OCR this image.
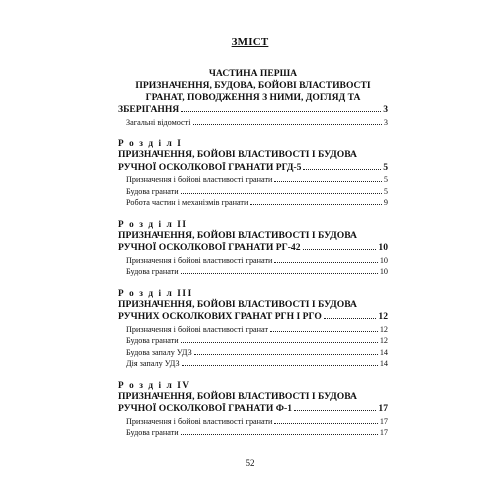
ЗМІСТ
ЧАСТИНА ПЕРША
ПРИЗНАЧЕННЯ, БУДОВА, БОЙОВІ ВЛАСТИВОСТІ
ГРАНАТ, ПОВОДЖЕННЯ З НИМИ, ДОГЛЯД ТА
ЗБЕРІГАННЯ	3
Загальні відомості	3
Р о з д і л І
ПРИЗНАЧЕННЯ, БОЙОВІ ВЛАСТИВОСТІ І БУДОВА
РУЧНОЇ ОСКОЛКОВОЇ ГРАНАТИ РГД-5	5
Призначення і бойові властивості гранати	5
Будова гранати	5
Робота частин і механізмів гранати	9
Р о з д і л ІІ
ПРИЗНАЧЕННЯ, БОЙОВІ ВЛАСТИВОСТІ І БУДОВА
РУЧНОЇ ОСКОЛКОВОЇ ГРАНАТИ РГ-42	10
Призначення і бойові властивості гранати	10
Будова гранати	10
Р о з д і л ІІІ
ПРИЗНАЧЕННЯ, БОЙОВІ ВЛАСТИВОСТІ І БУДОВА
РУЧНИХ ОСКОЛКОВИХ ГРАНАТ РГН І РГО	12
Призначення і бойові властивості гранат	12
Будова гранати	12
Будова запалу УДЗ	14
Дія запалу УДЗ	14
Р о з д і л IV
ПРИЗНАЧЕННЯ, БОЙОВІ ВЛАСТИВОСТІ І БУДОВА
РУЧНОЇ ОСКОЛКОВОЇ ГРАНАТИ Ф-1	17
Призначення і бойові властивості гранати	17
Будова гранати	17
52
